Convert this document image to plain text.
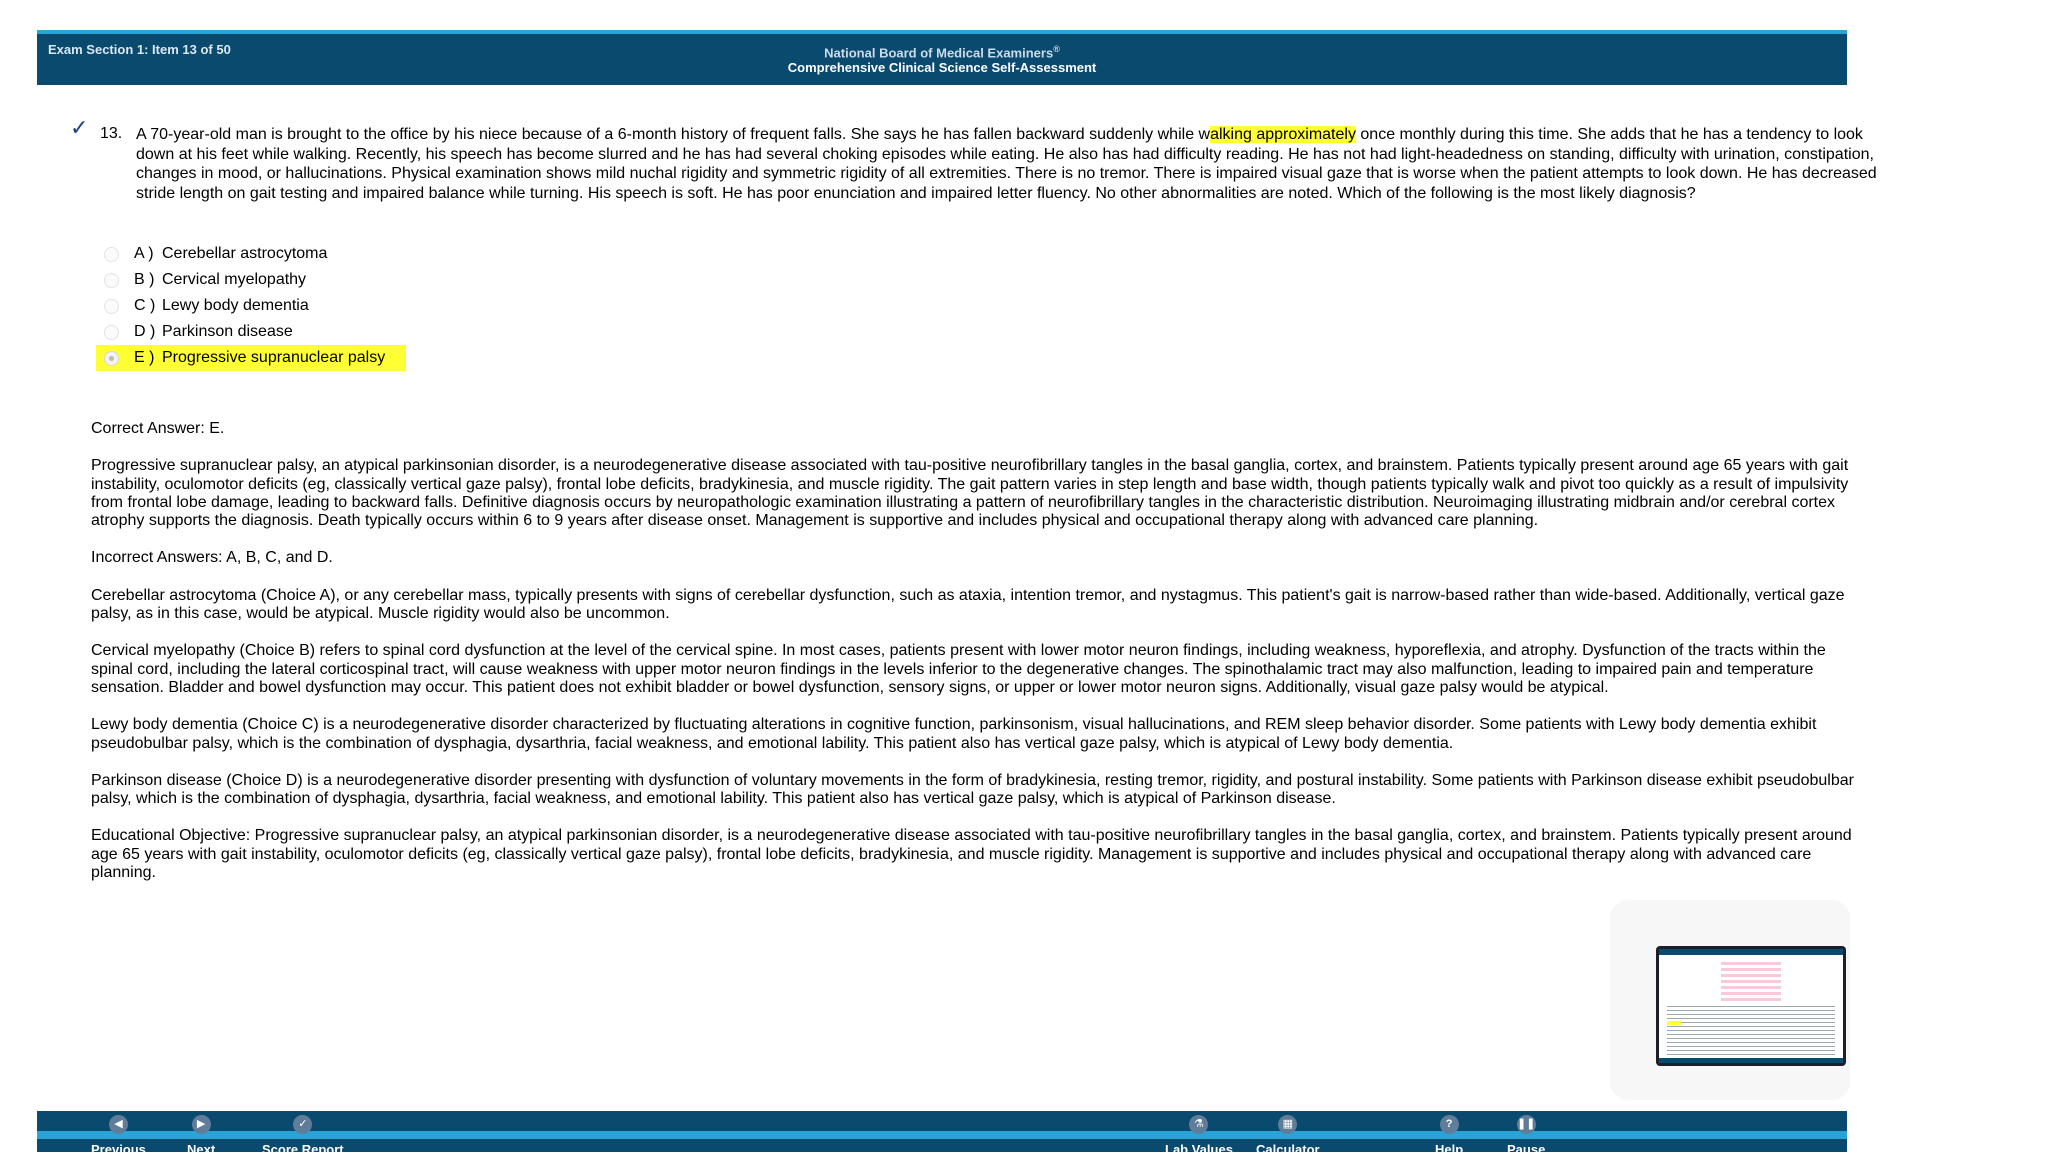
Exam Section 1: Item 13 of 50	National Board of Medical Examiners®
Comprehensive Clinical Science Self-Assessment
✓ 13. A 70-year-old man is brought to the office by his niece because of a 6-month history of frequent falls. She says he has fallen backward suddenly while walking approximately once monthly during this time. She adds that he has a tendency to look down at his feet while walking. Recently, his speech has become slurred and he has had several choking episodes while eating. He also has had difficulty reading. He has not had light-headedness on standing, difficulty with urination, constipation, changes in mood, or hallucinations. Physical examination shows mild nuchal rigidity and symmetric rigidity of all extremities. There is no tremor. There is impaired visual gaze that is worse when the patient attempts to look down. He has decreased stride length on gait testing and impaired balance while turning. His speech is soft. He has poor enunciation and impaired letter fluency. No other abnormalities are noted. Which of the following is the most likely diagnosis?
A ) Cerebellar astrocytoma
B ) Cervical myelopathy
C ) Lewy body dementia
D ) Parkinson disease
E ) Progressive supranuclear palsy

Correct Answer: E.

Progressive supranuclear palsy, an atypical parkinsonian disorder, is a neurodegenerative disease associated with tau-positive neurofibrillary tangles in the basal ganglia, cortex, and brainstem. Patients typically present around age 65 years with gait instability, oculomotor deficits (eg, classically vertical gaze palsy), frontal lobe deficits, bradykinesia, and muscle rigidity. The gait pattern varies in step length and base width, though patients typically walk and pivot too quickly as a result of impulsivity from frontal lobe damage, leading to backward falls. Definitive diagnosis occurs by neuropathologic examination illustrating a pattern of neurofibrillary tangles in the characteristic distribution. Neuroimaging illustrating midbrain and/or cerebral cortex atrophy supports the diagnosis. Death typically occurs within 6 to 9 years after disease onset. Management is supportive and includes physical and occupational therapy along with advanced care planning.

Incorrect Answers: A, B, C, and D.

Cerebellar astrocytoma (Choice A), or any cerebellar mass, typically presents with signs of cerebellar dysfunction, such as ataxia, intention tremor, and nystagmus. This patient's gait is narrow-based rather than wide-based. Additionally, vertical gaze palsy, as in this case, would be atypical. Muscle rigidity would also be uncommon.

Cervical myelopathy (Choice B) refers to spinal cord dysfunction at the level of the cervical spine. In most cases, patients present with lower motor neuron findings, including weakness, hyporeflexia, and atrophy. Dysfunction of the tracts within the spinal cord, including the lateral corticospinal tract, will cause weakness with upper motor neuron findings in the levels inferior to the degenerative changes. The spinothalamic tract may also malfunction, leading to impaired pain and temperature sensation. Bladder and bowel dysfunction may occur. This patient does not exhibit bladder or bowel dysfunction, sensory signs, or upper or lower motor neuron signs. Additionally, visual gaze palsy would be atypical.

Lewy body dementia (Choice C) is a neurodegenerative disorder characterized by fluctuating alterations in cognitive function, parkinsonism, visual hallucinations, and REM sleep behavior disorder. Some patients with Lewy body dementia exhibit pseudobulbar palsy, which is the combination of dysphagia, dysarthria, facial weakness, and emotional lability. This patient also has vertical gaze palsy, which is atypical of Lewy body dementia.

Parkinson disease (Choice D) is a neurodegenerative disorder presenting with dysfunction of voluntary movements in the form of bradykinesia, resting tremor, rigidity, and postural instability. Some patients with Parkinson disease exhibit pseudobulbar palsy, which is the combination of dysphagia, dysarthria, facial weakness, and emotional lability. This patient also has vertical gaze palsy, which is atypical of Parkinson disease.

Educational Objective: Progressive supranuclear palsy, an atypical parkinsonian disorder, is a neurodegenerative disease associated with tau-positive neurofibrillary tangles in the basal ganglia, cortex, and brainstem. Patients typically present around age 65 years with gait instability, oculomotor deficits (eg, classically vertical gaze palsy), frontal lobe deficits, bradykinesia, and muscle rigidity. Management is supportive and includes physical and occupational therapy along with advanced care planning.

◀
Previous
▶
Next
✓
Score Report
⚗
Lab Values
▦
Calculator
?
Help
❚❚
Pause
